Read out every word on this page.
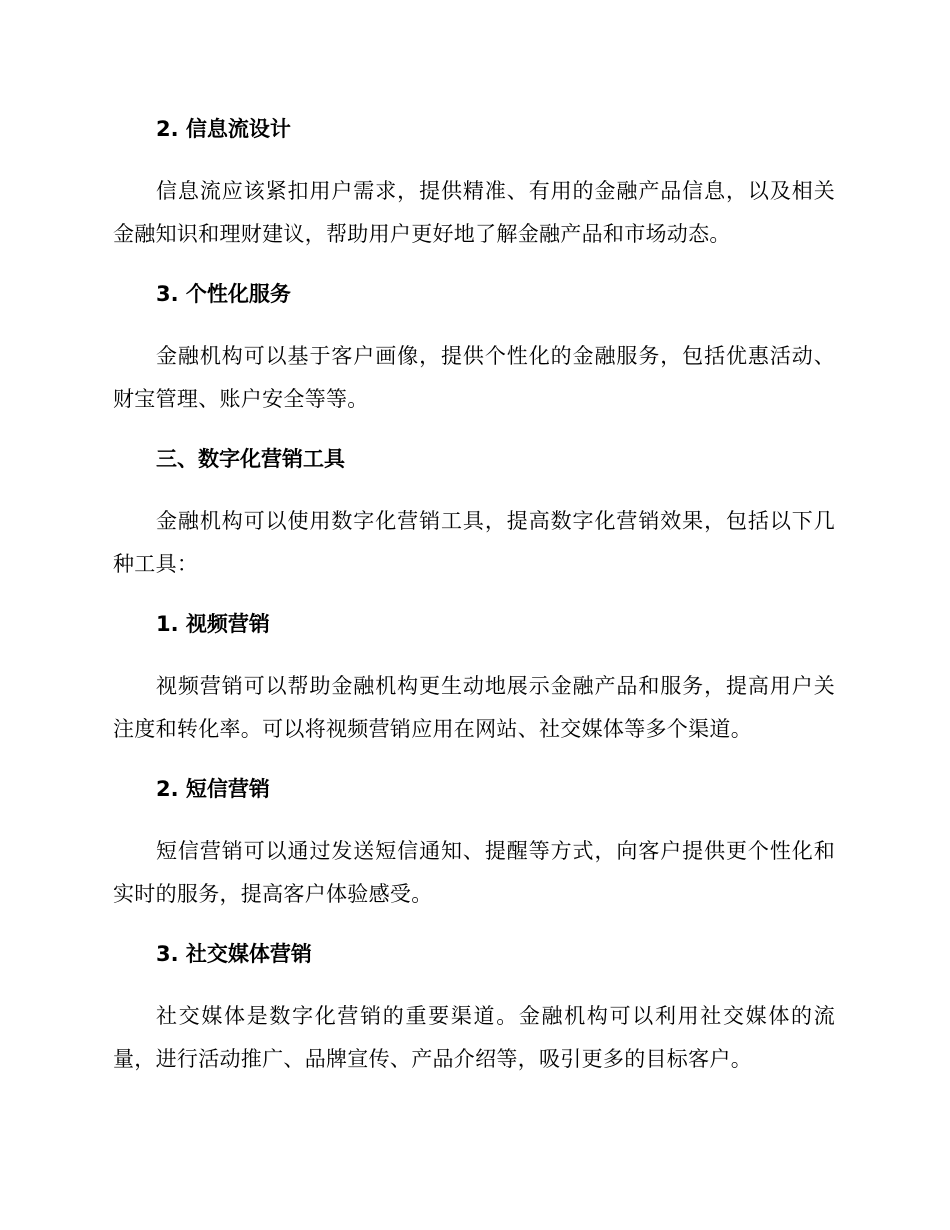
2. 信息流设计

信息流应该紧扣用户需求，提供精准、有用的金融产品信息，以及相关金融知识和理财建议，帮助用户更好地了解金融产品和市场动态。

3. 个性化服务

金融机构可以基于客户画像，提供个性化的金融服务，包括优惠活动、财宝管理、账户安全等等。

三、数字化营销工具

金融机构可以使用数字化营销工具，提高数字化营销效果，包括以下几种工具：

1. 视频营销

视频营销可以帮助金融机构更生动地展示金融产品和服务，提高用户关注度和转化率。可以将视频营销应用在网站、社交媒体等多个渠道。

2. 短信营销

短信营销可以通过发送短信通知、提醒等方式，向客户提供更个性化和实时的服务，提高客户体验感受。

3. 社交媒体营销

社交媒体是数字化营销的重要渠道。金融机构可以利用社交媒体的流量，进行活动推广、品牌宣传、产品介绍等，吸引更多的目标客户。
